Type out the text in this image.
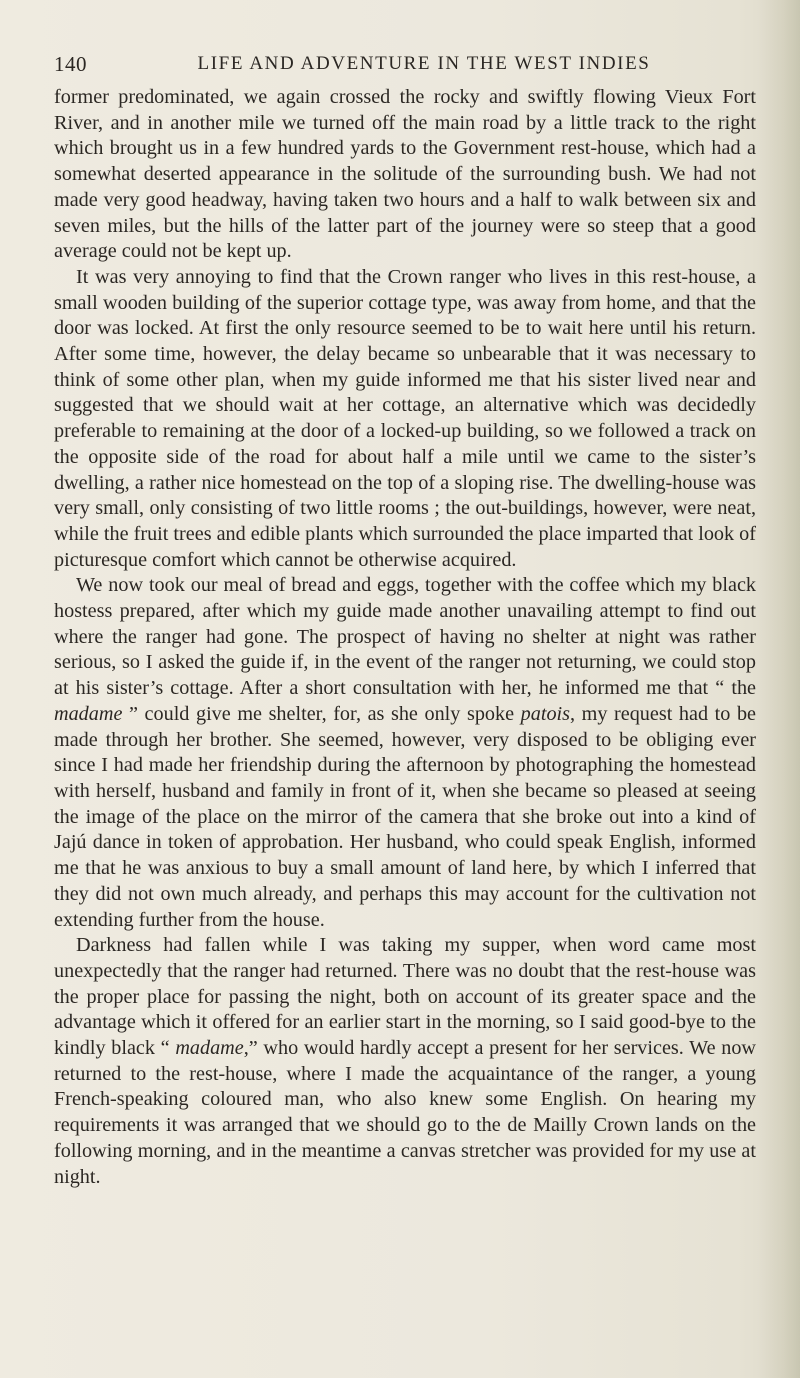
140	LIFE AND ADVENTURE IN THE WEST INDIES

former predominated, we again crossed the rocky and swiftly flowing Vieux Fort River, and in another mile we turned off the main road by a little track to the right which brought us in a few hundred yards to the Government rest-house, which had a somewhat deserted appearance in the solitude of the surrounding bush. We had not made very good headway, having taken two hours and a half to walk between six and seven miles, but the hills of the latter part of the journey were so steep that a good average could not be kept up.

It was very annoying to find that the Crown ranger who lives in this rest-house, a small wooden building of the superior cottage type, was away from home, and that the door was locked. At first the only resource seemed to be to wait here until his return. After some time, however, the delay became so unbearable that it was necessary to think of some other plan, when my guide informed me that his sister lived near and suggested that we should wait at her cottage, an alternative which was decidedly preferable to remaining at the door of a locked-up building, so we followed a track on the opposite side of the road for about half a mile until we came to the sister’s dwelling, a rather nice homestead on the top of a sloping rise. The dwelling-house was very small, only consisting of two little rooms ; the out-buildings, however, were neat, while the fruit trees and edible plants which surrounded the place imparted that look of picturesque comfort which cannot be otherwise acquired.

We now took our meal of bread and eggs, together with the coffee which my black hostess prepared, after which my guide made another unavailing attempt to find out where the ranger had gone. The prospect of having no shelter at night was rather serious, so I asked the guide if, in the event of the ranger not returning, we could stop at his sister’s cottage. After a short consultation with her, he informed me that “ the madame ” could give me shelter, for, as she only spoke patois, my request had to be made through her brother. She seemed, however, very disposed to be obliging ever since I had made her friendship during the afternoon by photographing the homestead with herself, husband and family in front of it, when she became so pleased at seeing the image of the place on the mirror of the camera that she broke out into a kind of Jajú dance in token of approbation. Her husband, who could speak English, informed me that he was anxious to buy a small amount of land here, by which I inferred that they did not own much already, and perhaps this may account for the cultivation not extending further from the house.

Darkness had fallen while I was taking my supper, when word came most unexpectedly that the ranger had returned. There was no doubt that the rest-house was the proper place for passing the night, both on account of its greater space and the advantage which it offered for an earlier start in the morning, so I said good-bye to the kindly black “ madame,” who would hardly accept a present for her services. We now returned to the rest-house, where I made the acquaintance of the ranger, a young French-speaking coloured man, who also knew some English. On hearing my requirements it was arranged that we should go to the de Mailly Crown lands on the following morning, and in the meantime a canvas stretcher was provided for my use at night.
